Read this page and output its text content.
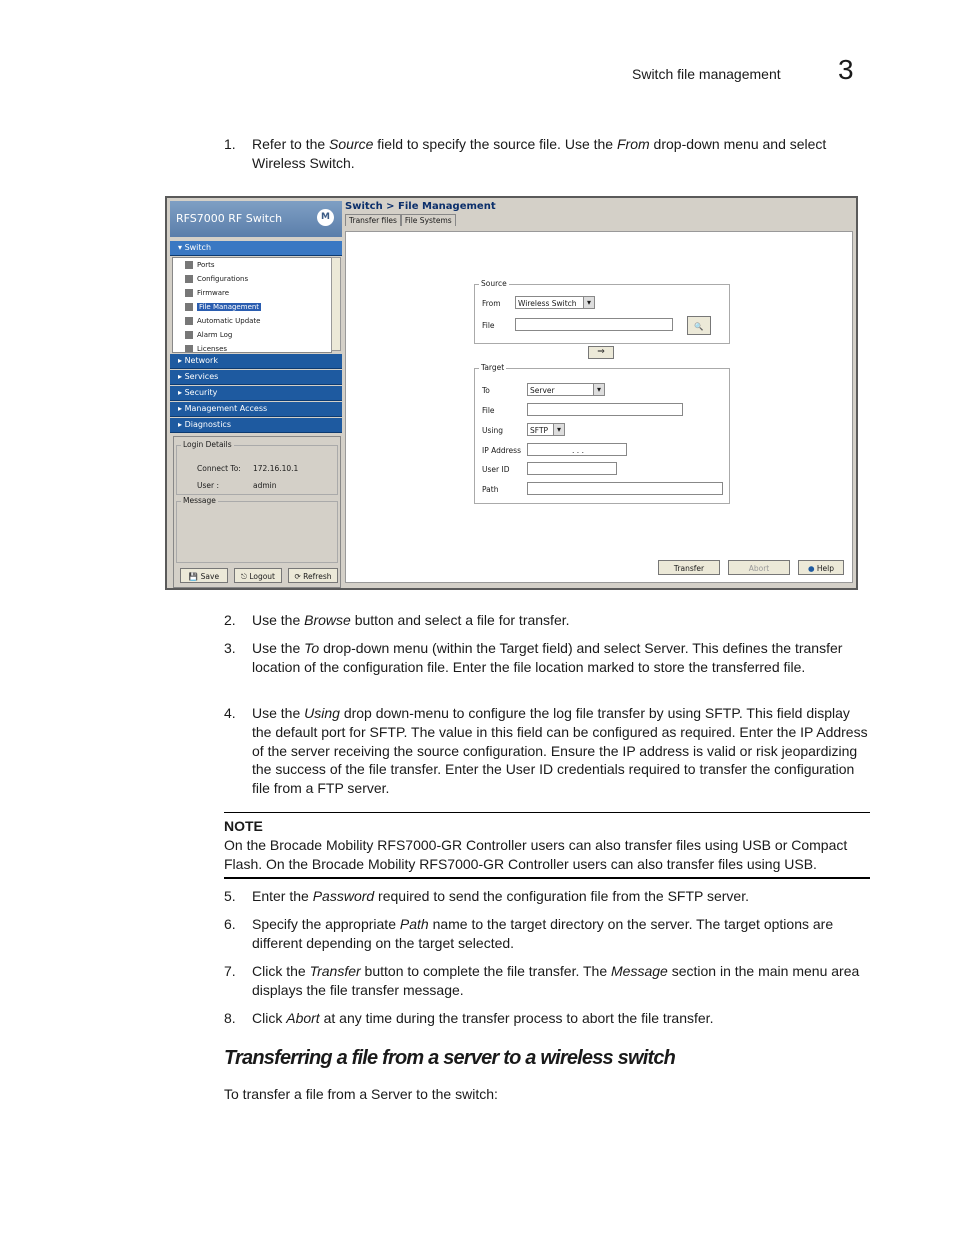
Switch file management 3
1. Refer to the Source field to specify the source file. Use the From drop-down menu and select Wireless Switch.
RFS7000 RF Switch	M
▾ Switch
Ports
Configurations
Firmware
File Management
Automatic Update
Alarm Log
Licenses
▸ Network
▸ Services
▸ Security
▸ Management Access
▸ Diagnostics
Login Details
Connect To: 172.16.10.1
User :	admin
Message
💾 Save	⎋ Logout	⟳ Refresh
Switch > File Management
Transfer files File Systems
Source
From	Wireless Switch ▾
File	🔍
⇒
Target
To	Server ▾
File
Using	SFTP ▾
IP Address	. . .
User ID
Path
Transfer	Abort	● Help
2. Use the Browse button and select a file for transfer.
3. Use the To drop-down menu (within the Target field) and select Server. This defines the transfer location of the configuration file. Enter the file location marked to store the transferred file.
4. Use the Using drop down-menu to configure the log file transfer by using SFTP. This field display the default port for SFTP. The value in this field can be configured as required. Enter the IP Address of the server receiving the source configuration. Ensure the IP address is valid or risk jeopardizing the success of the file transfer. Enter the User ID credentials required to transfer the configuration file from a FTP server.
NOTE
On the Brocade Mobility RFS7000-GR Controller users can also transfer files using USB or Compact Flash. On the Brocade Mobility RFS7000-GR Controller users can also transfer files using USB.
5. Enter the Password required to send the configuration file from the SFTP server.
6. Specify the appropriate Path name to the target directory on the server. The target options are different depending on the target selected.
7. Click the Transfer button to complete the file transfer. The Message section in the main menu area displays the file transfer message.
8. Click Abort at any time during the transfer process to abort the file transfer.
Transferring a file from a server to a wireless switch
To transfer a file from a Server to the switch:
